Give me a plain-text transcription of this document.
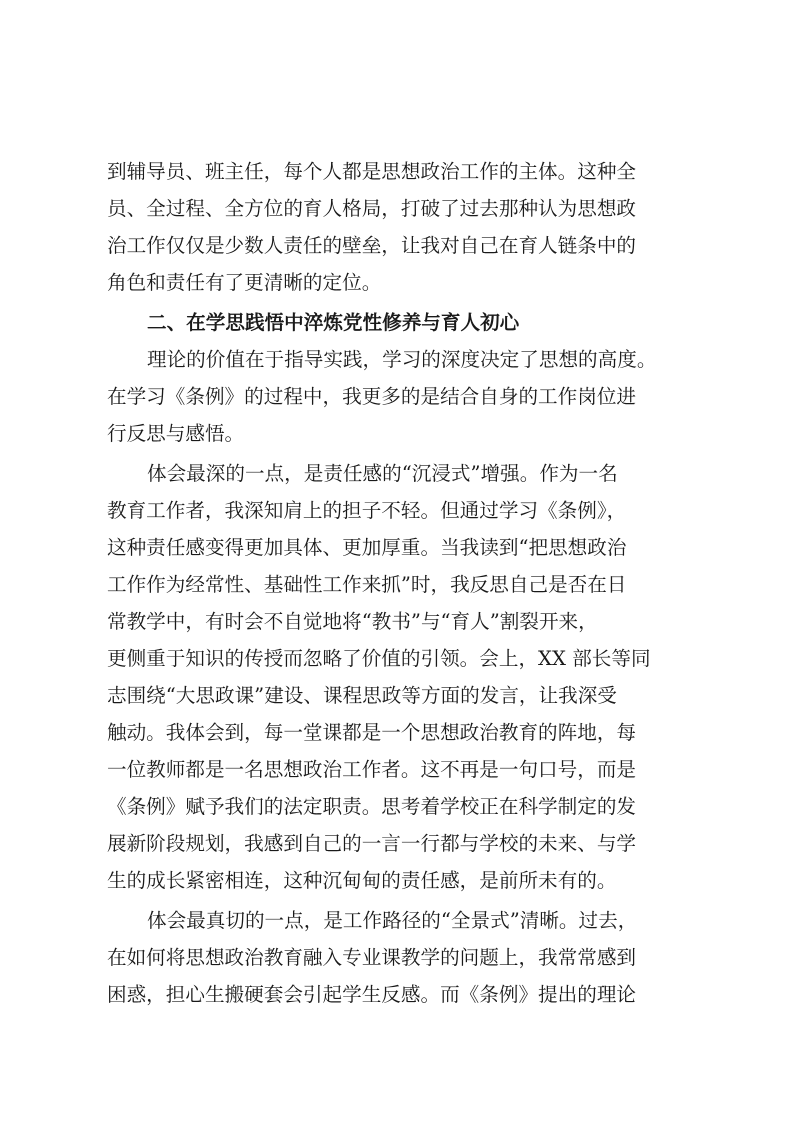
到辅导员、班主任，每个人都是思想政治工作的主体。这种全
员、全过程、全方位的育人格局，打破了过去那种认为思想政
治工作仅仅是少数人责任的壁垒，让我对自己在育人链条中的
角色和责任有了更清晰的定位。
二、在学思践悟中淬炼党性修养与育人初心
理论的价值在于指导实践，学习的深度决定了思想的高度。
在学习《条例》的过程中，我更多的是结合自身的工作岗位进
行反思与感悟。
体会最深的一点，是责任感的“沉浸式”增强。作为一名
教育工作者，我深知肩上的担子不轻。但通过学习《条例》，
这种责任感变得更加具体、更加厚重。当我读到“把思想政治
工作作为经常性、基础性工作来抓”时，我反思自己是否在日
常教学中，有时会不自觉地将“教书”与“育人”割裂开来，
更侧重于知识的传授而忽略了价值的引领。会上，XX 部长等同
志围绕“大思政课”建设、课程思政等方面的发言，让我深受
触动。我体会到，每一堂课都是一个思想政治教育的阵地，每
一位教师都是一名思想政治工作者。这不再是一句口号，而是
《条例》赋予我们的法定职责。思考着学校正在科学制定的发
展新阶段规划，我感到自己的一言一行都与学校的未来、与学
生的成长紧密相连，这种沉甸甸的责任感，是前所未有的。
体会最真切的一点，是工作路径的“全景式”清晰。过去，
在如何将思想政治教育融入专业课教学的问题上，我常常感到
困惑，担心生搬硬套会引起学生反感。而《条例》提出的理论
